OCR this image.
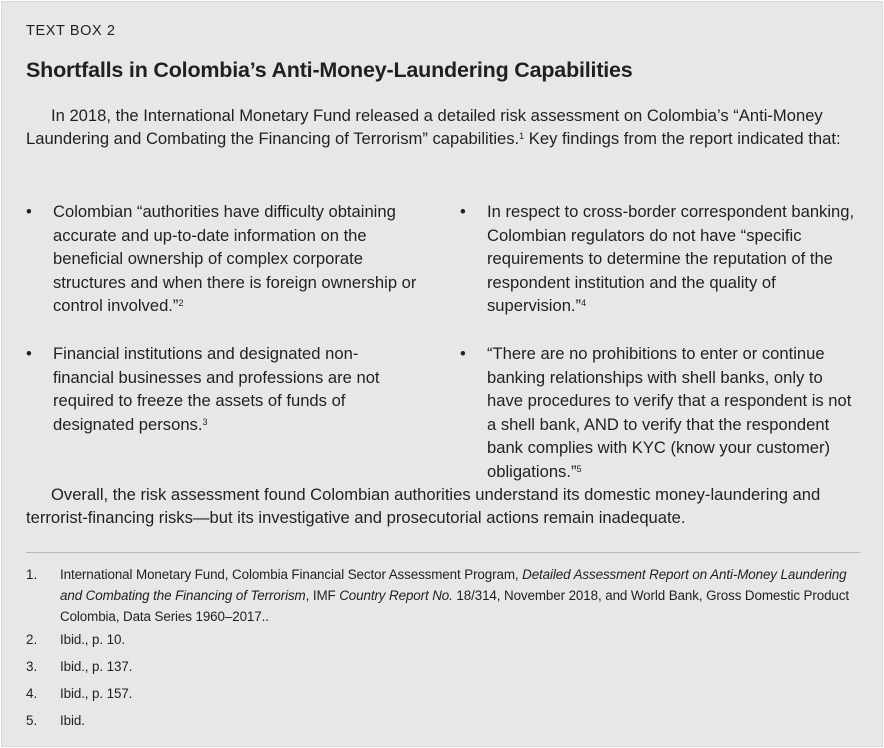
TEXT BOX 2
Shortfalls in Colombia’s Anti-Money-Laundering Capabilities

In 2018, the International Monetary Fund released a detailed risk assessment on Colombia’s “Anti-Money Laundering and Combating the Financing of Terrorism” capabilities.$^1$ Key findings from the report indicated that:

• Colombian “authorities have difficulty obtaining accurate and up-to-date information on the beneficial ownership of complex corporate structures and when there is foreign ownership or control involved.”$^2$

• Financial institutions and designated non-financial businesses and professions are not required to freeze the assets of funds of designated persons.$^3$

• In respect to cross-border correspondent banking, Colombian regulators do not have “specific requirements to determine the reputation of the respondent institution and the quality of supervision.”$^4$

• “There are no prohibitions to enter or continue banking relationships with shell banks, only to have procedures to verify that a respondent is not a shell bank, AND to verify that the respondent bank complies with KYC (know your customer) obligations.”$^5$

Overall, the risk assessment found Colombian authorities understand its domestic money-laundering and terrorist-financing risks—but its investigative and prosecutorial actions remain inadequate.

1. International Monetary Fund, Colombia Financial Sector Assessment Program, Detailed Assessment Report on Anti-Money Laundering and Combating the Financing of Terrorism, IMF Country Report No. 18/314, November 2018, and World Bank, Gross Domestic Product Colombia, Data Series 1960–2017..

2. Ibid., p. 10.

3. Ibid., p. 137.

4. Ibid., p. 157.

5. Ibid.
